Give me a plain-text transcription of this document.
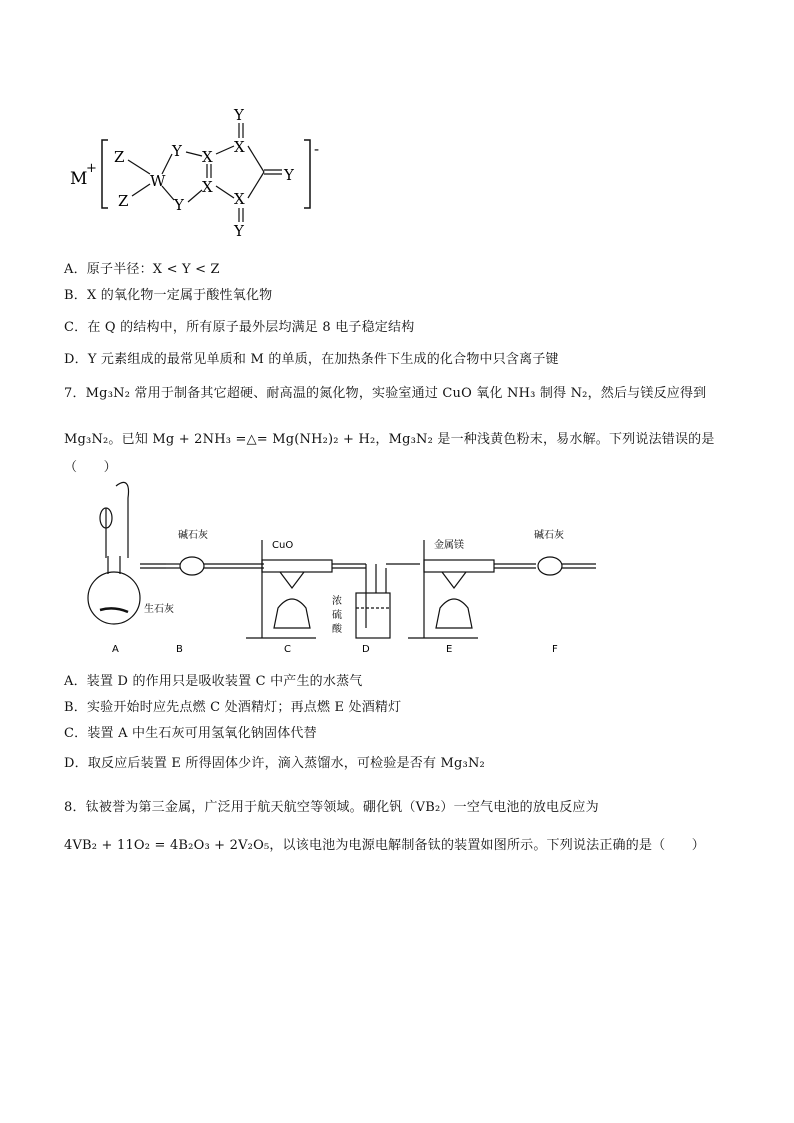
M
+
-
Z
Z
W
Y
Y
X
X
X
X
Y
Y
Y
A．原子半径：X < Y < Z
B．X 的氧化物一定属于酸性氧化物
C．在 Q 的结构中，所有原子最外层均满足 8 电子稳定结构
D．Y 元素组成的最常见单质和 M 的单质，在加热条件下生成的化合物中只含离子键
7．Mg₃N₂ 常用于制备其它超硬、耐高温的氮化物，实验室通过 CuO 氧化 NH₃ 制得 N₂，然后与镁反应得到
Mg₃N₂。已知 Mg + 2NH₃ =△= Mg(NH₂)₂ + H₂，Mg₃N₂ 是一种浅黄色粉末，易水解。下列说法错误的是
（　　）
碱石灰
CuO	金属镁
碱石灰
生石灰
浓
硫
酸
A	B	C	D	E	F
A．装置 D 的作用只是吸收装置 C 中产生的水蒸气
B．实验开始时应先点燃 C 处酒精灯；再点燃 E 处酒精灯
C．装置 A 中生石灰可用氢氧化钠固体代替
D．取反应后装置 E 所得固体少许，滴入蒸馏水，可检验是否有 Mg₃N₂
8．钛被誉为第三金属，广泛用于航天航空等领域。硼化钒（VB₂）一空气电池的放电反应为
4VB₂ + 11O₂ = 4B₂O₃ + 2V₂O₅，以该电池为电源电解制备钛的装置如图所示。下列说法正确的是（　　）
